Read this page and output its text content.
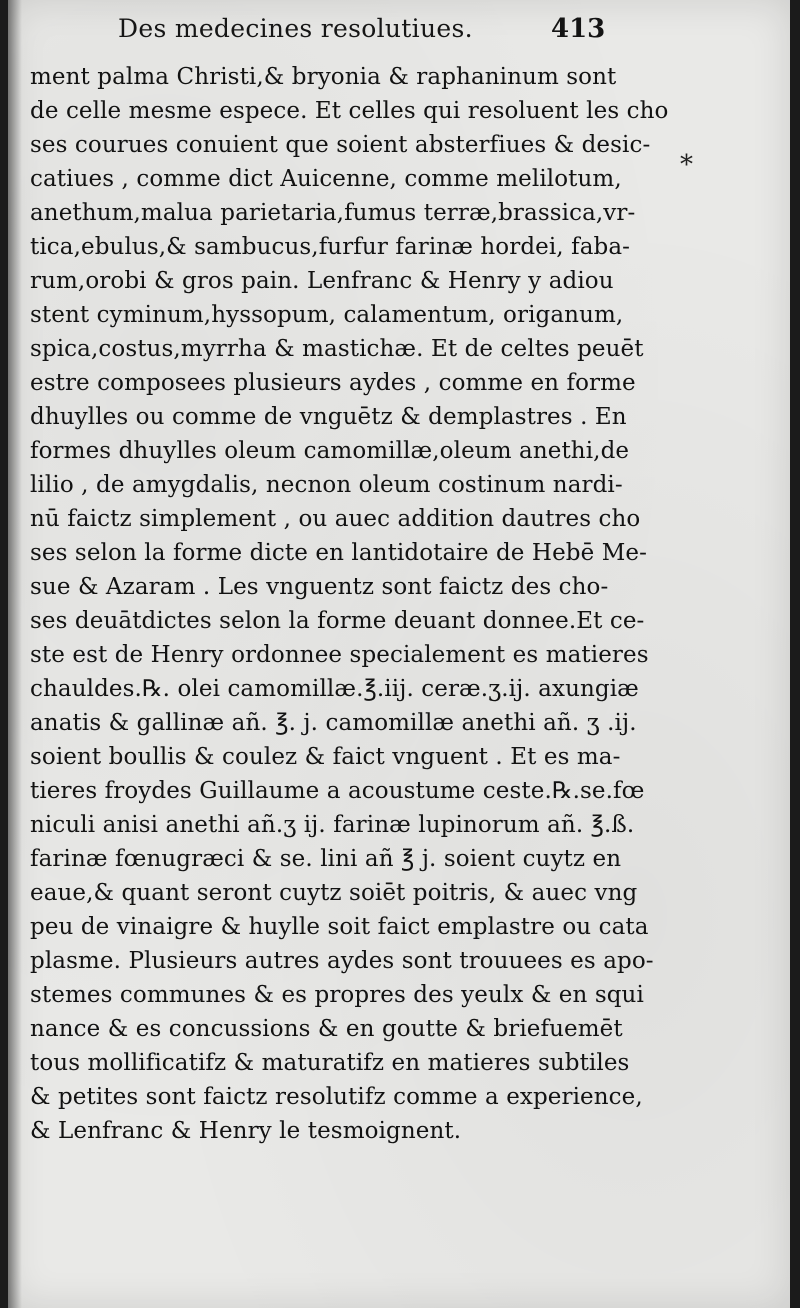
Des medecines resolutiues.	413
*
ment palma Christi,& bryonia & raphaninum sont
de celle mesme espece. Et celles qui resoluent les cho
ses courues conuient que soient absterfiues & desic-
catiues , comme dict Auicenne, comme melilotum,
anethum,malua parietaria,fumus terræ,brassica,vr-
tica,ebulus,& sambucus,furfur farinæ hordei, faba-
rum,orobi & gros pain. Lenfranc & Henry y adiou
stent cyminum,hyssopum, calamentum, origanum,
spica,costus,myrrha & mastichæ. Et de celtes peuēt
estre composees plusieurs aydes , comme en forme
dhuylles ou comme de vnguētz & demplastres . En
formes dhuylles oleum camomillæ,oleum anethi,de
lilio , de amygdalis, necnon oleum costinum nardi-
nū faictz simplement , ou auec addition dautres cho
ses selon la forme dicte en lantidotaire de Hebē Me-
sue & Azaram . Les vnguentz sont faictz des cho-
ses deuātdictes selon la forme deuant donnee.Et ce-
ste est de Henry ordonnee specialement es matieres
chauldes.℞. olei camomillæ.℥.iij. ceræ.ʒ.ij. axungiæ
anatis & gallinæ añ. ℥. j. camomillæ anethi añ. ʒ .ij.
soient boullis & coulez & faict vnguent . Et es ma-
tieres froydes Guillaume a acoustume ceste.℞.se.fœ
niculi anisi anethi añ.ʒ ij. farinæ lupinorum añ. ℥.ß.
farinæ fœnugræci & se. lini añ ℥ j. soient cuytz en
eaue,& quant seront cuytz soiēt poitris, & auec vng
peu de vinaigre & huylle soit faict emplastre ou cata
plasme. Plusieurs autres aydes sont trouuees es apo-
stemes communes & es propres des yeulx & en squi
nance & es concussions & en goutte & briefuemēt
tous mollificatifz & maturatifz en matieres subtiles
& petites sont faictz resolutifz comme a experience,
& Lenfranc & Henry le tesmoignent.
